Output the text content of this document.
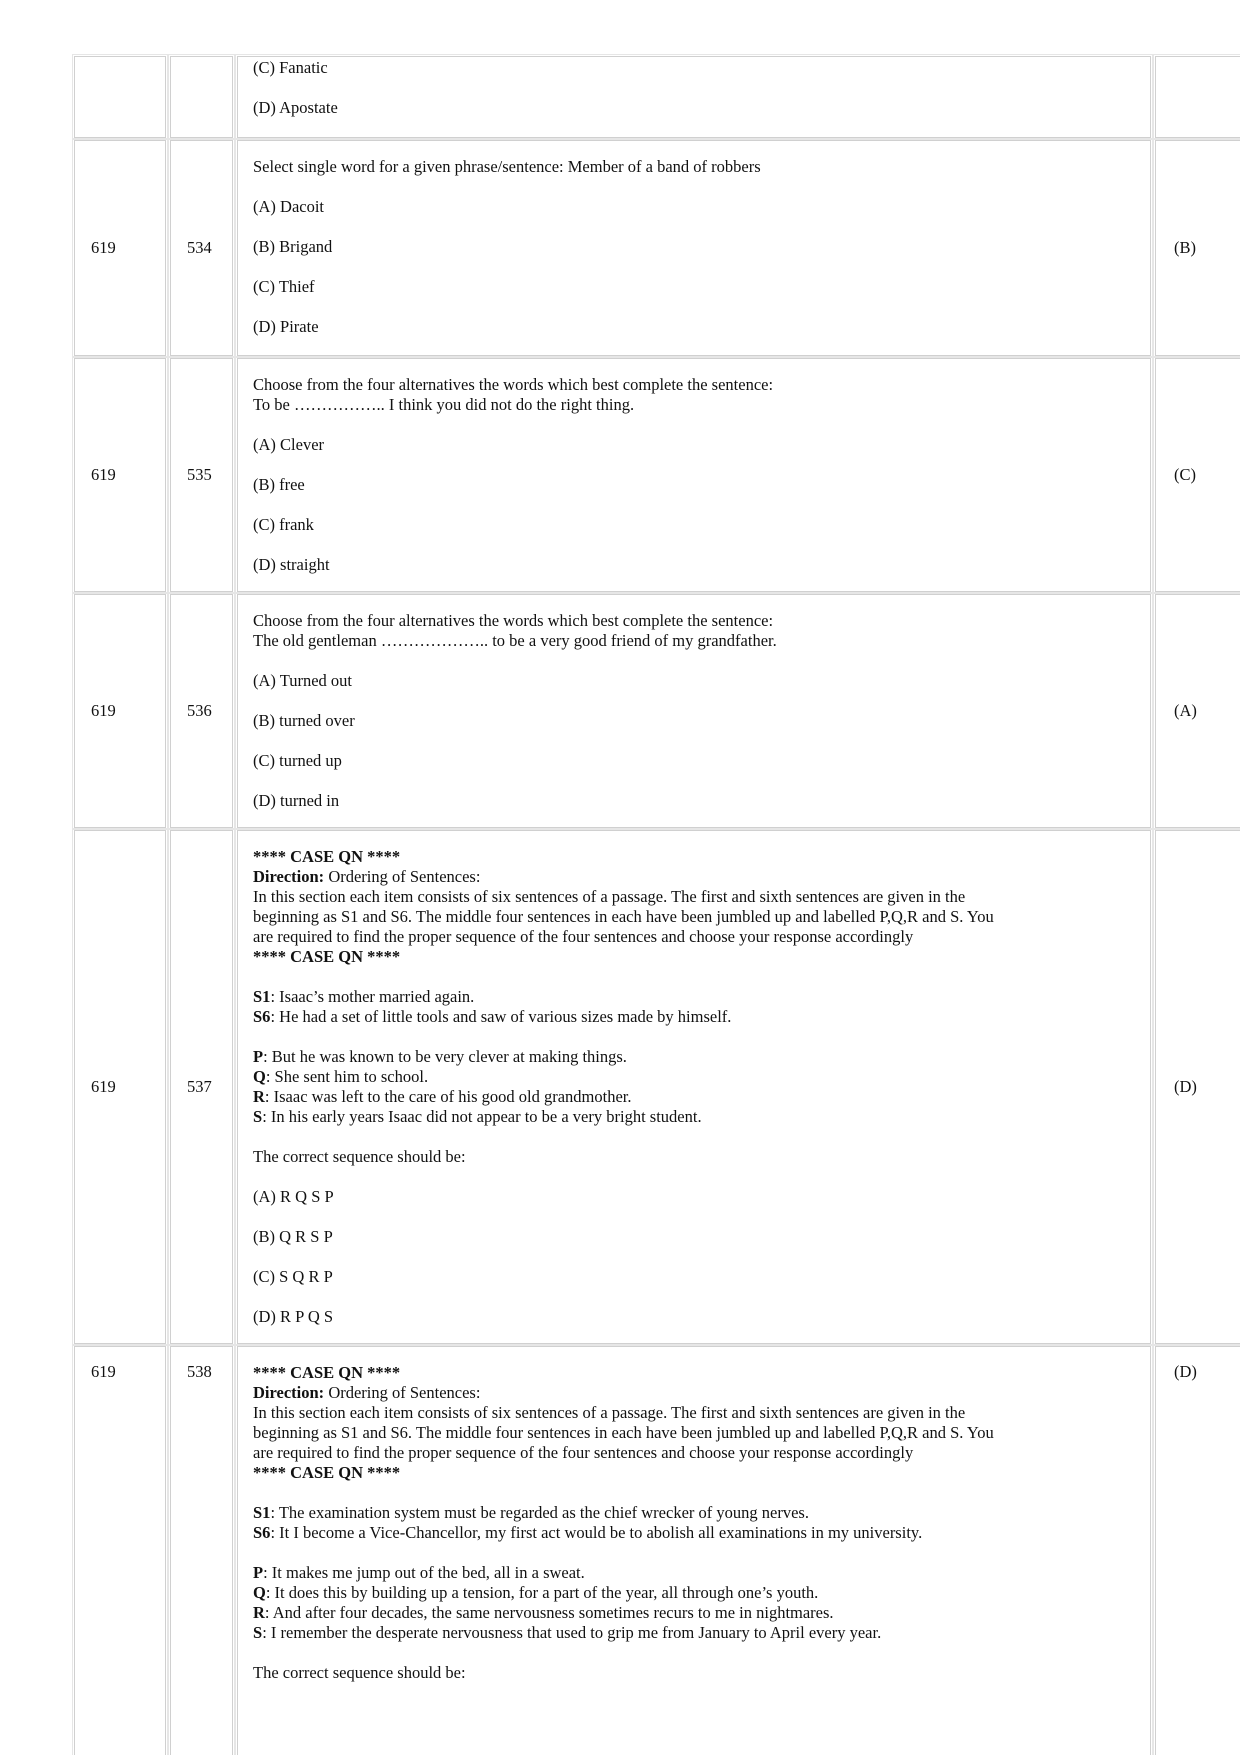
(C) Fanatic
(D) Apostate
619	534

Select single word for a given phrase/sentence: Member of a band of robbers

(A) Dacoit
(B) Brigand
(C) Thief
(D) Pirate
(B)
619	535

Choose from the four alternatives the words which best complete the sentence:
To be …………….. I think you did not do the right thing.

(A) Clever
(B) free
(C) frank
(D) straight
(C)
619	536

Choose from the four alternatives the words which best complete the sentence:
The old gentleman ……………….. to be a very good friend of my grandfather.

(A) Turned out
(B) turned over
(C) turned up
(D) turned in
(A)
619	537

**** CASE QN ****
Direction: Ordering of Sentences:
In this section each item consists of six sentences of a passage. The first and sixth sentences are given in the
beginning as S1 and S6. The middle four sentences in each have been jumbled up and labelled P,Q,R and S. You
are required to find the proper sequence of the four sentences and choose your response accordingly
**** CASE QN ****

S1: Isaac’s mother married again.
S6: He had a set of little tools and saw of various sizes made by himself.

P: But he was known to be very clever at making things.
Q: She sent him to school.
R: Isaac was left to the care of his good old grandmother.
S: In his early years Isaac did not appear to be a very bright student.

The correct sequence should be:

(A) R Q S P
(B) Q R S P
(C) S Q R P
(D) R P Q S
(D)
619	538	**** CASE QN ****
Direction: Ordering of Sentences:
In this section each item consists of six sentences of a passage. The first and sixth sentences are given in the
beginning as S1 and S6. The middle four sentences in each have been jumbled up and labelled P,Q,R and S. You
are required to find the proper sequence of the four sentences and choose your response accordingly
**** CASE QN ****

S1: The examination system must be regarded as the chief wrecker of young nerves.
S6: It I become a Vice-Chancellor, my first act would be to abolish all examinations in my university.

P: It makes me jump out of the bed, all in a sweat.
Q: It does this by building up a tension, for a part of the year, all through one’s youth.
R: And after four decades, the same nervousness sometimes recurs to me in nightmares.
S: I remember the desperate nervousness that used to grip me from January to April every year.

The correct sequence should be:

(D)
